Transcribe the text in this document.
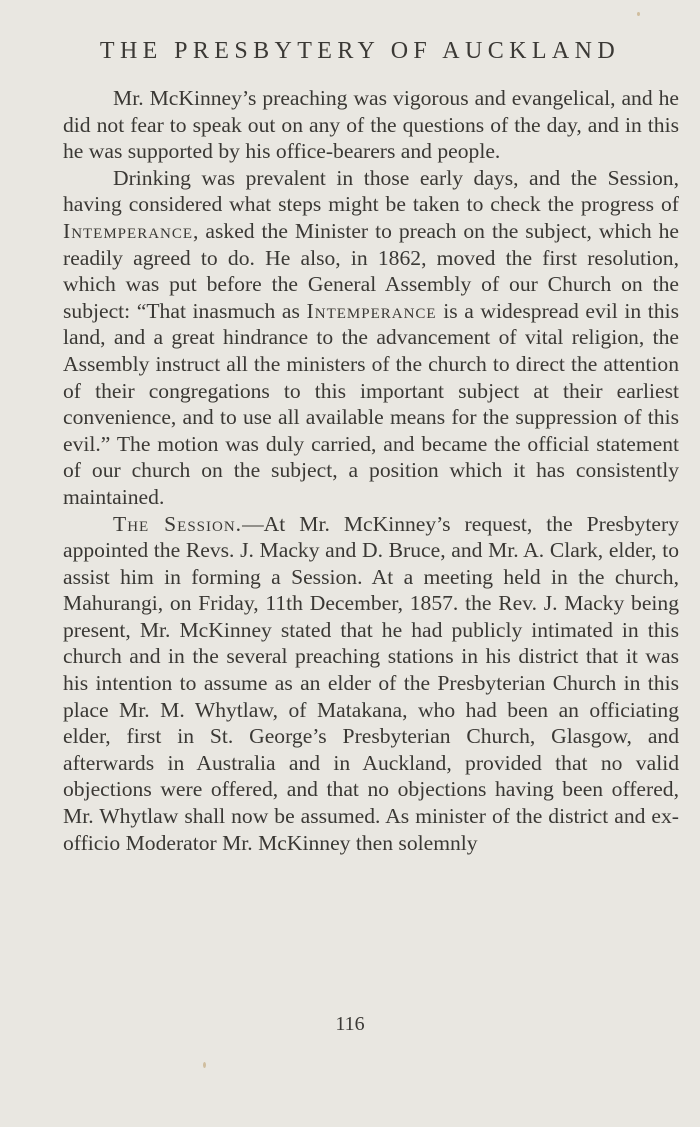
THE PRESBYTERY OF AUCKLAND

Mr. McKinney’s preaching was vigorous and evangelical, and he did not fear to speak out on any of the questions of the day, and in this he was supported by his office-bearers and people.

Drinking was prevalent in those early days, and the Session, having considered what steps might be taken to check the progress of Intemperance, asked the Minister to preach on the subject, which he readily agreed to do. He also, in 1862, moved the first resolution, which was put before the General Assembly of our Church on the subject: “That inasmuch as Intemperance is a widespread evil in this land, and a great hindrance to the advancement of vital religion, the Assembly instruct all the ministers of the church to direct the attention of their congregations to this important subject at their earliest convenience, and to use all available means for the suppression of this evil.” The motion was duly carried, and became the official statement of our church on the subject, a position which it has consistently maintained.

The Session.—At Mr. McKinney’s request, the Presbytery appointed the Revs. J. Macky and D. Bruce, and Mr. A. Clark, elder, to assist him in forming a Session. At a meeting held in the church, Mahurangi, on Friday, 11th December, 1857. the Rev. J. Macky being present, Mr. McKinney stated that he had publicly intimated in this church and in the several preaching stations in his district that it was his intention to assume as an elder of the Presbyterian Church in this place Mr. M. Whytlaw, of Matakana, who had been an officiating elder, first in St. George’s Presbyterian Church, Glasgow, and afterwards in Australia and in Auckland, provided that no valid objections were offered, and that no objections having been offered, Mr. Whytlaw shall now be assumed. As minister of the district and ex-officio Moderator Mr. McKinney then solemnly

116
